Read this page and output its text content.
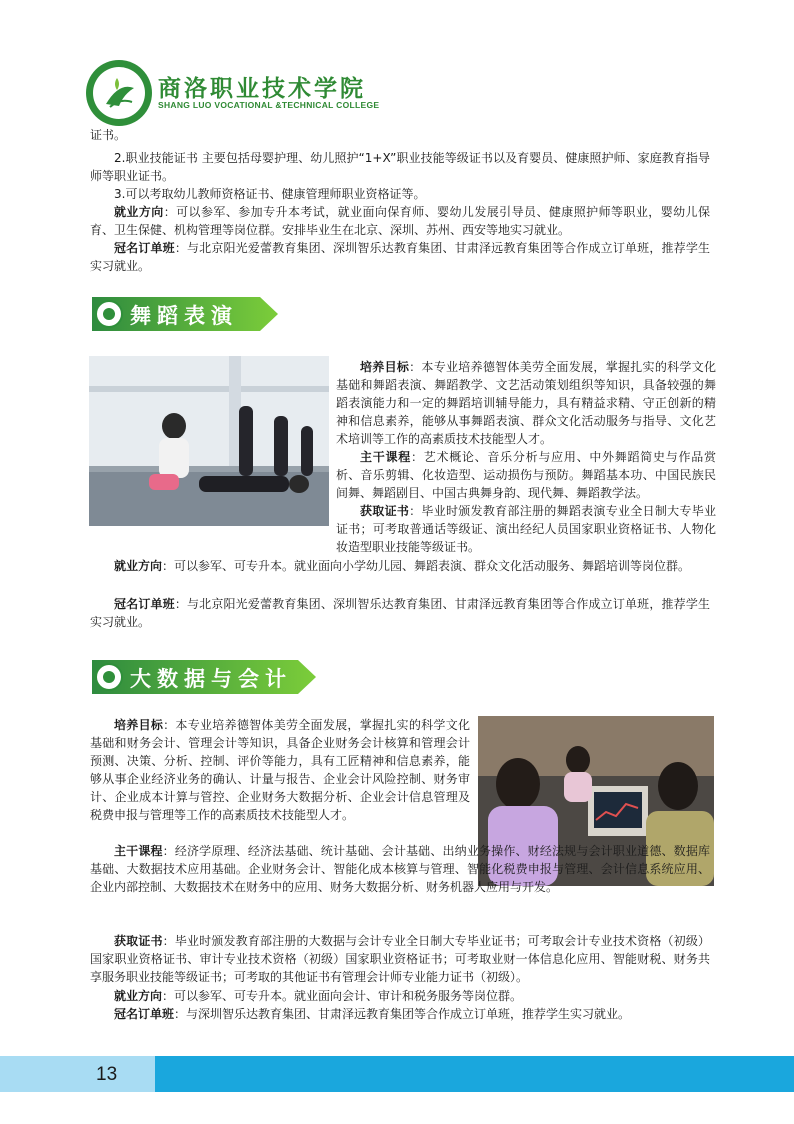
商洛职业技术学院
SHANG LUO VOCATIONAL &TECHNICAL COLLEGE

证书。

2.职业技能证书 主要包括母婴护理、幼儿照护“1+X”职业技能等级证书以及育婴员、健康照护师、家庭教育指导师等职业证书。

3.可以考取幼儿教师资格证书、健康管理师职业资格证等。

就业方向：可以参军、参加专升本考试，就业面向保育师、婴幼儿发展引导员、健康照护师等职业，婴幼儿保育、卫生保健、机构管理等岗位群。安排毕业生在北京、深圳、苏州、西安等地实习就业。

冠名订单班：与北京阳光爱蕾教育集团、深圳智乐达教育集团、甘肃泽远教育集团等合作成立订单班，推荐学生实习就业。

舞蹈表演

培养目标：本专业培养德智体美劳全面发展，掌握扎实的科学文化基础和舞蹈表演、舞蹈教学、文艺活动策划组织等知识，具备较强的舞蹈表演能力和一定的舞蹈培训辅导能力，具有精益求精、守正创新的精神和信息素养，能够从事舞蹈表演、群众文化活动服务与指导、文化艺术培训等工作的高素质技术技能型人才。

主干课程：艺术概论、音乐分析与应用、中外舞蹈简史与作品赏析、音乐剪辑、化妆造型、运动损伤与预防。舞蹈基本功、中国民族民间舞、舞蹈剧目、中国古典舞身韵、现代舞、舞蹈教学法。

获取证书：毕业时颁发教育部注册的舞蹈表演专业全日制大专毕业证书；可考取普通话等级证、演出经纪人员国家职业资格证书、人物化妆造型职业技能等级证书。

就业方向：可以参军、可专升本。就业面向小学幼儿园、舞蹈表演、群众文化活动服务、舞蹈培训等岗位群。

冠名订单班：与北京阳光爱蕾教育集团、深圳智乐达教育集团、甘肃泽远教育集团等合作成立订单班，推荐学生实习就业。

大数据与会计

培养目标：本专业培养德智体美劳全面发展，掌握扎实的科学文化基础和财务会计、管理会计等知识，具备企业财务会计核算和管理会计预测、决策、分析、控制、评价等能力，具有工匠精神和信息素养，能够从事企业经济业务的确认、计量与报告、企业会计风险控制、财务审计、企业成本计算与管控、企业财务大数据分析、企业会计信息管理及税费申报与管理等工作的高素质技术技能型人才。

主干课程：经济学原理、经济法基础、统计基础、会计基础、出纳业务操作、财经法规与会计职业道德、数据库基础、大数据技术应用基础。企业财务会计、智能化成本核算与管理、智能化税费申报与管理、会计信息系统应用、企业内部控制、大数据技术在财务中的应用、财务大数据分析、财务机器人应用与开发。

获取证书：毕业时颁发教育部注册的大数据与会计专业全日制大专毕业证书；可考取会计专业技术资格（初级）国家职业资格证书、审计专业技术资格（初级）国家职业资格证书；可考取业财一体信息化应用、智能财税、财务共享服务职业技能等级证书；可考取的其他证书有管理会计师专业能力证书（初级）。

就业方向：可以参军、可专升本。就业面向会计、审计和税务服务等岗位群。

冠名订单班：与深圳智乐达教育集团、甘肃泽远教育集团等合作成立订单班，推荐学生实习就业。

13
